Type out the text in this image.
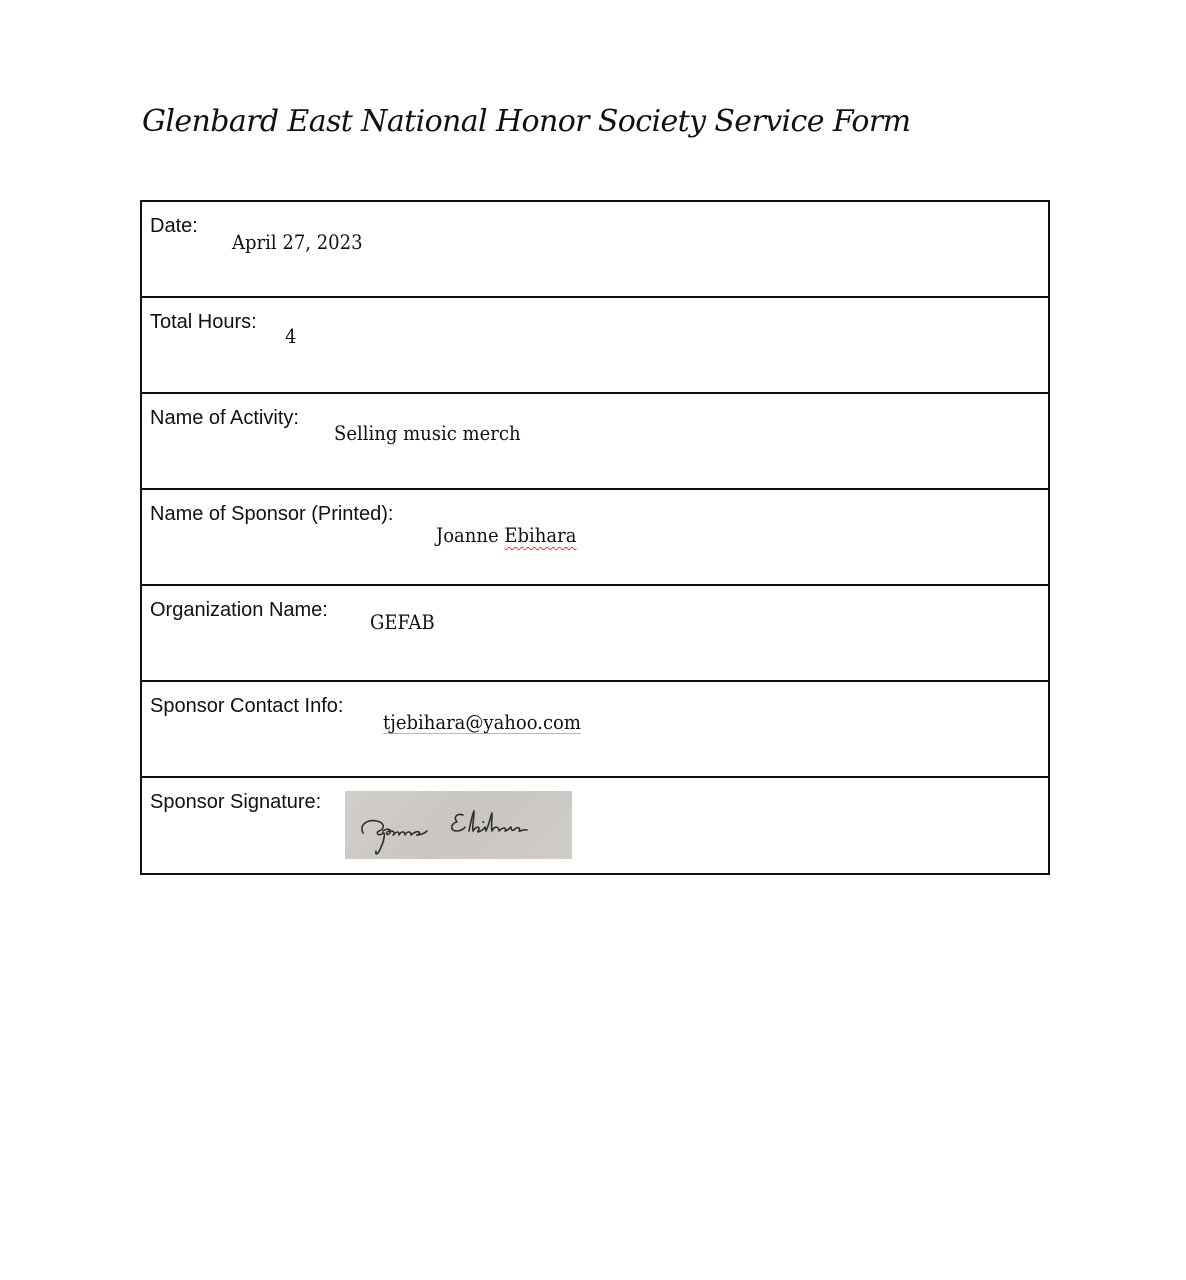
Glenbard East National Honor Society Service Form
Date:
April 27, 2023
Total Hours:
4
Name of Activity:
Selling music merch
Name of Sponsor (Printed):
Joanne Ebihara
Organization Name: GEFAB
Sponsor Contact Info:
tjebihara@yahoo.com
Sponsor Signature:
